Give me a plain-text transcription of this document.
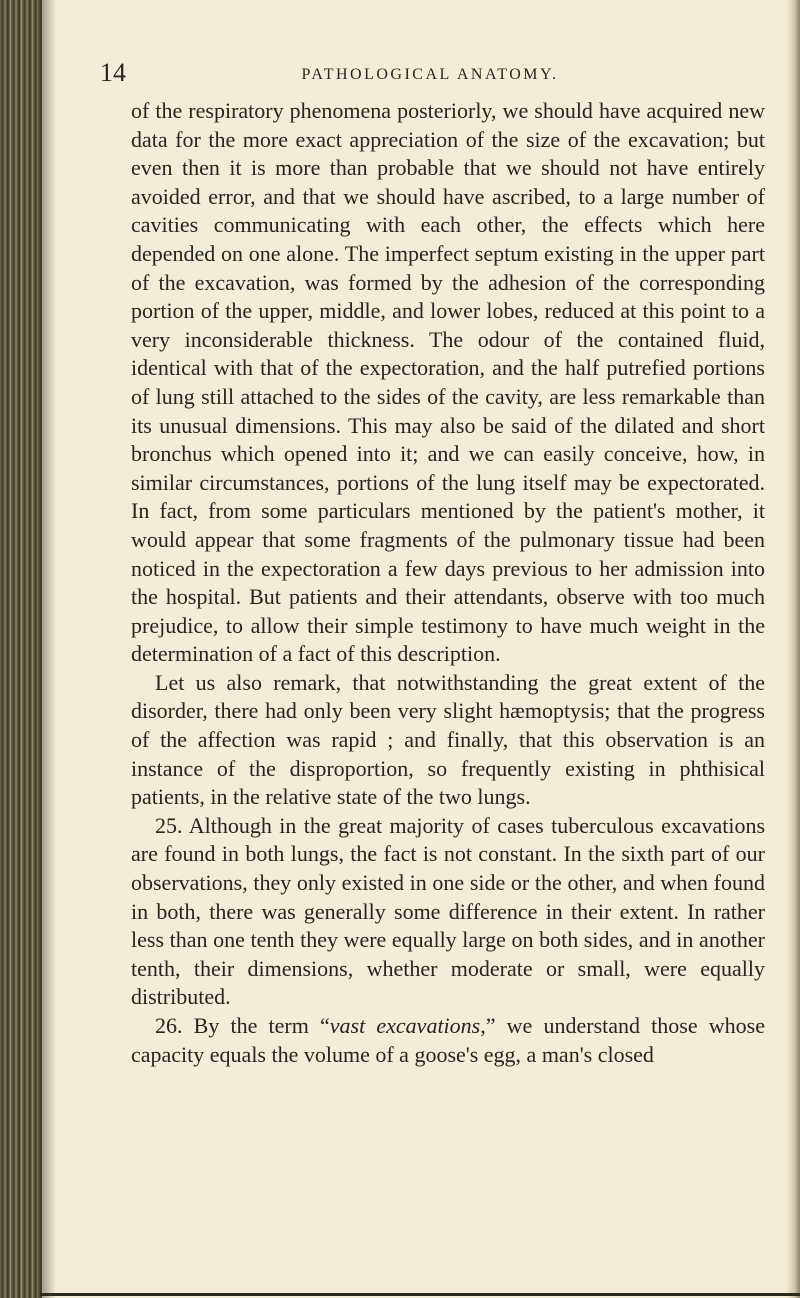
14	PATHOLOGICAL ANATOMY.

of the respiratory phenomena posteriorly, we should have acquired new data for the more exact appreciation of the size of the excavation; but even then it is more than probable that we should not have entirely avoided error, and that we should have ascribed, to a large number of cavities communicating with each other, the effects which here depended on one alone. The imperfect septum existing in the upper part of the excavation, was formed by the adhesion of the corresponding portion of the upper, middle, and lower lobes, reduced at this point to a very inconsiderable thickness. The odour of the contained fluid, identical with that of the expectoration, and the half putrefied portions of lung still attached to the sides of the cavity, are less remarkable than its unusual dimensions. This may also be said of the dilated and short bronchus which opened into it; and we can easily conceive, how, in similar circumstances, portions of the lung itself may be expectorated. In fact, from some particulars mentioned by the patient's mother, it would appear that some fragments of the pulmonary tissue had been noticed in the expectoration a few days previous to her admission into the hospital. But patients and their attendants, observe with too much prejudice, to allow their simple testimony to have much weight in the determination of a fact of this description.

Let us also remark, that notwithstanding the great extent of the disorder, there had only been very slight hæmoptysis; that the progress of the affection was rapid ; and finally, that this observation is an instance of the disproportion, so frequently existing in phthisical patients, in the relative state of the two lungs.

25. Although in the great majority of cases tuberculous excavations are found in both lungs, the fact is not constant. In the sixth part of our observations, they only existed in one side or the other, and when found in both, there was generally some difference in their extent. In rather less than one tenth they were equally large on both sides, and in another tenth, their dimensions, whether moderate or small, were equally distributed.

26. By the term “vast excavations,” we understand those whose capacity equals the volume of a goose's egg, a man's closed
